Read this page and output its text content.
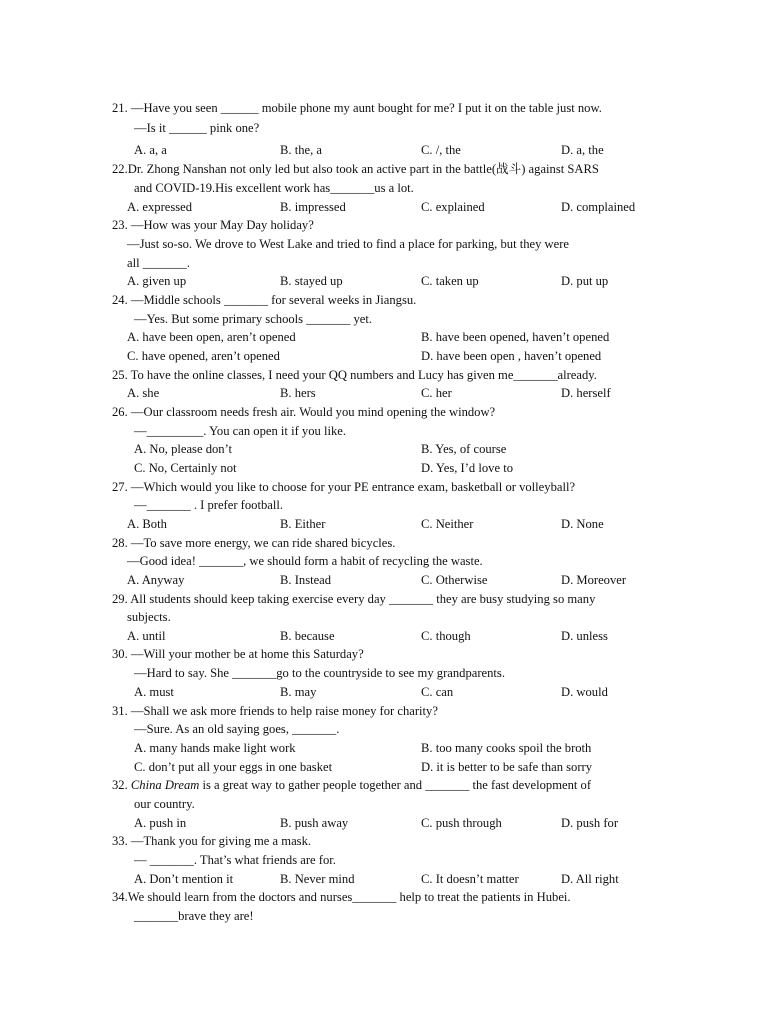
21. —Have you seen ______ mobile phone my aunt bought for me? I put it on the table just now.
—Is it ______ pink one?
A. a, a	B. the, a	C. /, the	D. a, the
22.Dr. Zhong Nanshan not only led but also took an active part in the battle(战斗) against SARS
and COVID-19.His excellent work has_______us a lot.
A. expressed	B. impressed	C. explained	D. complained
23. —How was your May Day holiday?
—Just so-so. We drove to West Lake and tried to find a place for parking, but they were
all _______.
A. given up	B. stayed up	C. taken up	D. put up
24. —Middle schools _______ for several weeks in Jiangsu.
—Yes. But some primary schools _______ yet.
A. have been open, aren’t opened	B. have been opened, haven’t opened
C. have opened, aren’t opened	D. have been open , haven’t opened
25. To have the online classes, I need your QQ numbers and Lucy has given me_______already.
A. she	B. hers	C. her	D. herself
26. —Our classroom needs fresh air. Would you mind opening the window?
—_________. You can open it if you like.
A. No, please don’t	B. Yes, of course
C. No, Certainly not	D. Yes, I’d love to
27. —Which would you like to choose for your PE entrance exam, basketball or volleyball?
—_______ . I prefer football.
A. Both	B. Either	C. Neither	D. None
28. —To save more energy, we can ride shared bicycles.
—Good idea! _______, we should form a habit of recycling the waste.
A. Anyway	B. Instead	C. Otherwise	D. Moreover
29. All students should keep taking exercise every day _______ they are busy studying so many
subjects.
A. until	B. because	C. though	D. unless
30. —Will your mother be at home this Saturday?
—Hard to say. She _______go to the countryside to see my grandparents.
A. must	B. may	C. can	D. would
31. —Shall we ask more friends to help raise money for charity?
—Sure. As an old saying goes, _______.
A. many hands make light work	B. too many cooks spoil the broth
C. don’t put all your eggs in one basket	D. it is better to be safe than sorry
32. China Dream is a great way to gather people together and _______ the fast development of
our country.
A. push in	B. push away	C. push through	D. push for
33. —Thank you for giving me a mask.
— _______. That’s what friends are for.
A. Don’t mention it	B. Never mind	C. It doesn’t matter	D. All right
34.We should learn from the doctors and nurses_______ help to treat the patients in Hubei.
_______brave they are!
